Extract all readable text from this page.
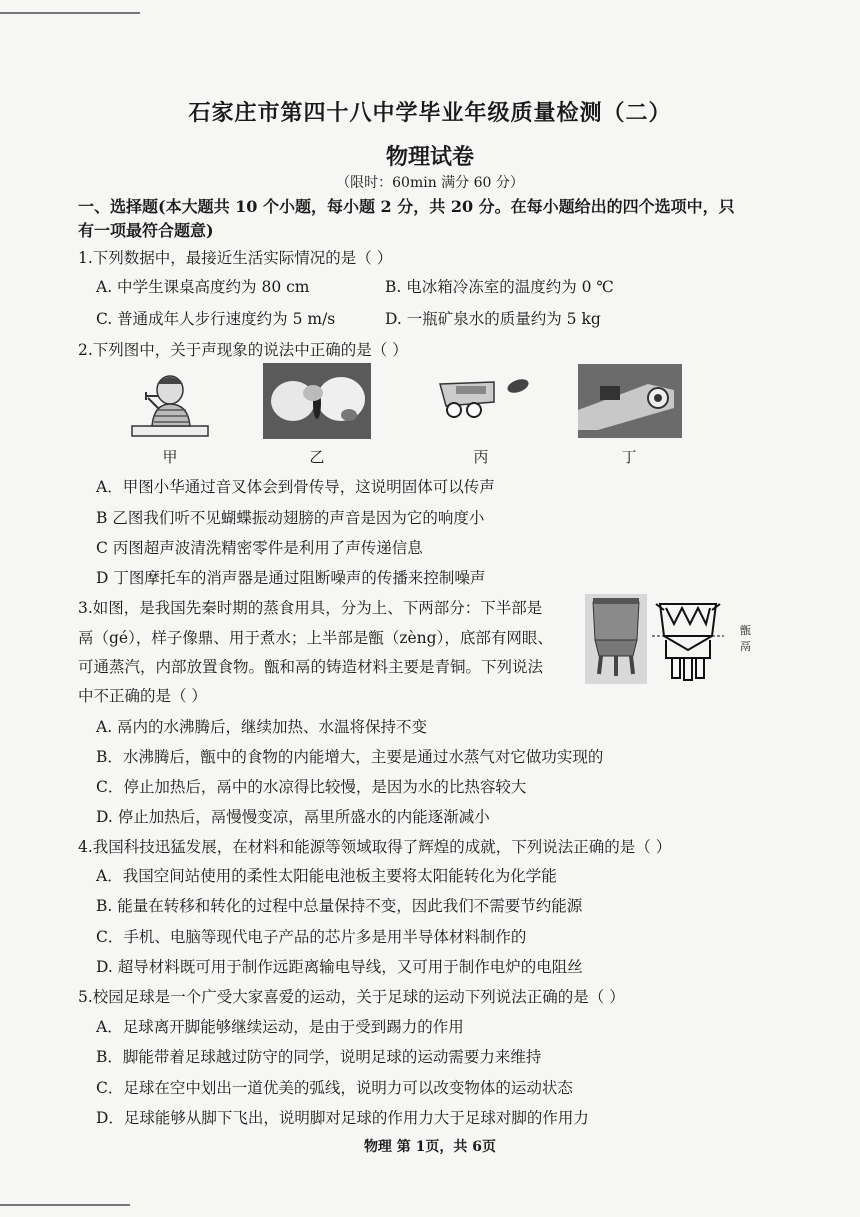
石家庄市第四十八中学毕业年级质量检测（二）
物理试卷
（限时：60min 满分 60 分）
一、选择题(本大题共 10 个小题，每小题 2 分，共 20 分。在每小题给出的四个选项中，只
有一项最符合题意)
1.下列数据中，最接近生活实际情况的是（ ）
A. 中学生课桌高度约为 80 cm	B. 电冰箱冷冻室的温度约为 0 ℃
C. 普通成年人步行速度约为 5 m/s	D. 一瓶矿泉水的质量约为 5 kg
2.下列图中，关于声现象的说法中正确的是（ ）
甲	乙	丙	丁
A．甲图小华通过音叉体会到骨传导，这说明固体可以传声
B 乙图我们听不见蝴蝶振动翅膀的声音是因为它的响度小
C 丙图超声波清洗精密零件是利用了声传递信息
D 丁图摩托车的消声器是通过阻断噪声的传播来控制噪声
3.如图，是我国先秦时期的蒸食用具，分为上、下两部分：下半部是
鬲（gé），样子像鼎、用于煮水；上半部是甑（zèng），底部有网眼、
可通蒸汽，内部放置食物。甑和鬲的铸造材料主要是青铜。下列说法
中不正确的是（ ）
甑
鬲
A. 鬲内的水沸腾后，继续加热、水温将保持不变
B．水沸腾后，甑中的食物的内能增大，主要是通过水蒸气对它做功实现的
C．停止加热后，鬲中的水凉得比较慢，是因为水的比热容较大
D. 停止加热后，鬲慢慢变凉，鬲里所盛水的内能逐渐减小
4.我国科技迅猛发展，在材料和能源等领域取得了辉煌的成就，下列说法正确的是（ ）
A．我国空间站使用的柔性太阳能电池板主要将太阳能转化为化学能
B. 能量在转移和转化的过程中总量保持不变，因此我们不需要节约能源
C．手机、电脑等现代电子产品的芯片多是用半导体材料制作的
D. 超导材料既可用于制作远距离输电导线，又可用于制作电炉的电阻丝
5.校园足球是一个广受大家喜爱的运动，关于足球的运动下列说法正确的是（ ）
A．足球离开脚能够继续运动，是由于受到踢力的作用
B．脚能带着足球越过防守的同学，说明足球的运动需要力来维持
C．足球在空中划出一道优美的弧线，说明力可以改变物体的运动状态
D．足球能够从脚下飞出，说明脚对足球的作用力大于足球对脚的作用力
物理 第 1页，共 6页
